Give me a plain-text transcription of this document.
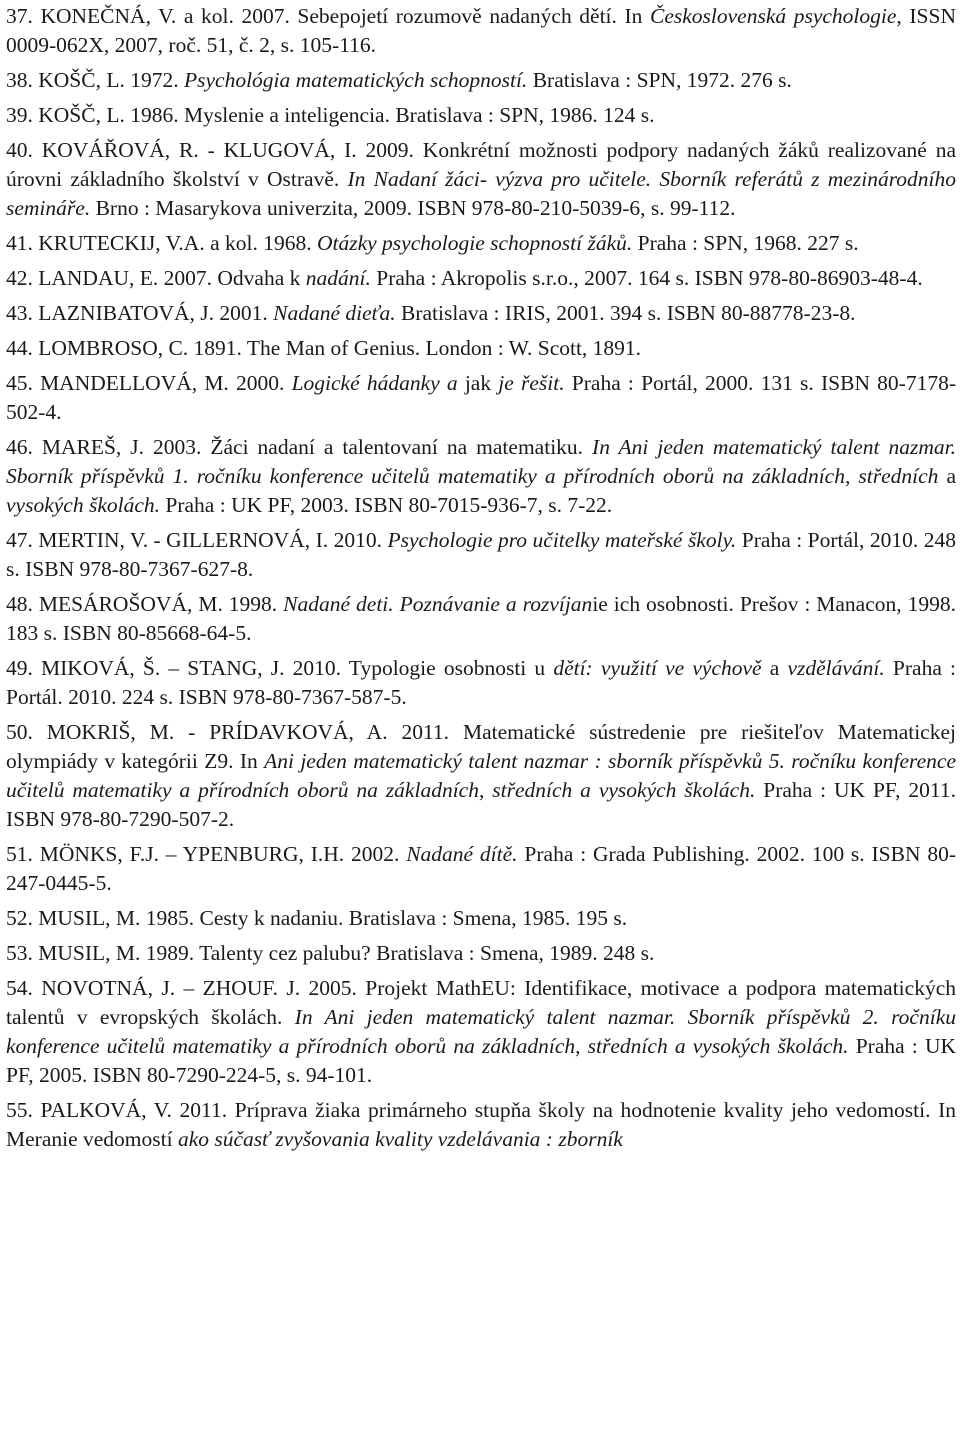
37. KONEČNÁ, V. a kol. 2007. Sebepojetí rozumově nadaných dětí. In Československá psychologie, ISSN 0009-062X, 2007, roč. 51, č. 2, s. 105-116.
38. KOŠČ, L. 1972. Psychológia matematických schopností. Bratislava : SPN, 1972. 276 s.
39. KOŠČ, L. 1986. Myslenie a inteligencia. Bratislava : SPN, 1986. 124 s.
40. KOVÁŘOVÁ, R. - KLUGOVÁ, I. 2009. Konkrétní možnosti podpory nadaných žáků realizované na úrovni základního školství v Ostravě. In Nadaní žáci- výzva pro učitele. Sborník referátů z mezinárodního semináře. Brno : Masarykova univerzita, 2009. ISBN 978-80-210-5039-6, s. 99-112.
41. KRUTECKIJ, V.A. a kol. 1968. Otázky psychologie schopností žáků. Praha : SPN, 1968. 227 s.
42. LANDAU, E. 2007. Odvaha k nadání. Praha : Akropolis s.r.o., 2007. 164 s. ISBN 978-80-86903-48-4.
43. LAZNIBATOVÁ, J. 2001. Nadané dieťa. Bratislava : IRIS, 2001. 394 s. ISBN 80-88778-23-8.
44. LOMBROSO, C. 1891. The Man of Genius. London : W. Scott, 1891.
45. MANDELLOVÁ, M. 2000. Logické hádanky a jak je řešit. Praha : Portál, 2000. 131 s. ISBN 80-7178-502-4.
46. MAREŠ, J. 2003. Žáci nadaní a talentovaní na matematiku. In Ani jeden matematický talent nazmar. Sborník příspěvků 1. ročníku konference učitelů matematiky a přírodních oborů na základních, středních a vysokých školách. Praha : UK PF, 2003. ISBN 80-7015-936-7, s. 7-22.
47. MERTIN, V. - GILLERNOVÁ, I. 2010. Psychologie pro učitelky mateřské školy. Praha : Portál, 2010. 248 s. ISBN 978-80-7367-627-8.
48. MESÁROŠOVÁ, M. 1998. Nadané deti. Poznávanie a rozvíjanie ich osobnosti. Prešov : Manacon, 1998. 183 s. ISBN 80-85668-64-5.
49. MIKOVÁ, Š. – STANG, J. 2010. Typologie osobnosti u dětí: využití ve výchově a vzdělávání. Praha : Portál. 2010. 224 s. ISBN 978-80-7367-587-5.
50. MOKRIŠ, M. - PRÍDAVKOVÁ, A. 2011. Matematické sústredenie pre riešiteľov Matematickej olympiády v kategórii Z9. In Ani jeden matematický talent nazmar : sborník příspěvků 5. ročníku konference učitelů matematiky a přírodních oborů na základních, středních a vysokých školách. Praha : UK PF, 2011. ISBN 978-80-7290-507-2.
51. MÖNKS, F.J. – YPENBURG, I.H. 2002. Nadané dítě. Praha : Grada Publishing. 2002. 100 s. ISBN 80-247-0445-5.
52. MUSIL, M. 1985. Cesty k nadaniu. Bratislava : Smena, 1985. 195 s.
53. MUSIL, M. 1989. Talenty cez palubu? Bratislava : Smena, 1989. 248 s.
54. NOVOTNÁ, J. – ZHOUF. J. 2005. Projekt MathEU: Identifikace, motivace a podpora matematických talentů v evropských školách. In Ani jeden matematický talent nazmar. Sborník příspěvků 2. ročníku konference učitelů matematiky a přírodních oborů na základních, středních a vysokých školách. Praha : UK PF, 2005. ISBN 80-7290-224-5, s. 94-101.
55. PALKOVÁ, V. 2011. Príprava žiaka primárneho stupňa školy na hodnotenie kvality jeho vedomostí. In Meranie vedomostí ako súčasť zvyšovania kvality vzdelávania : zborník
